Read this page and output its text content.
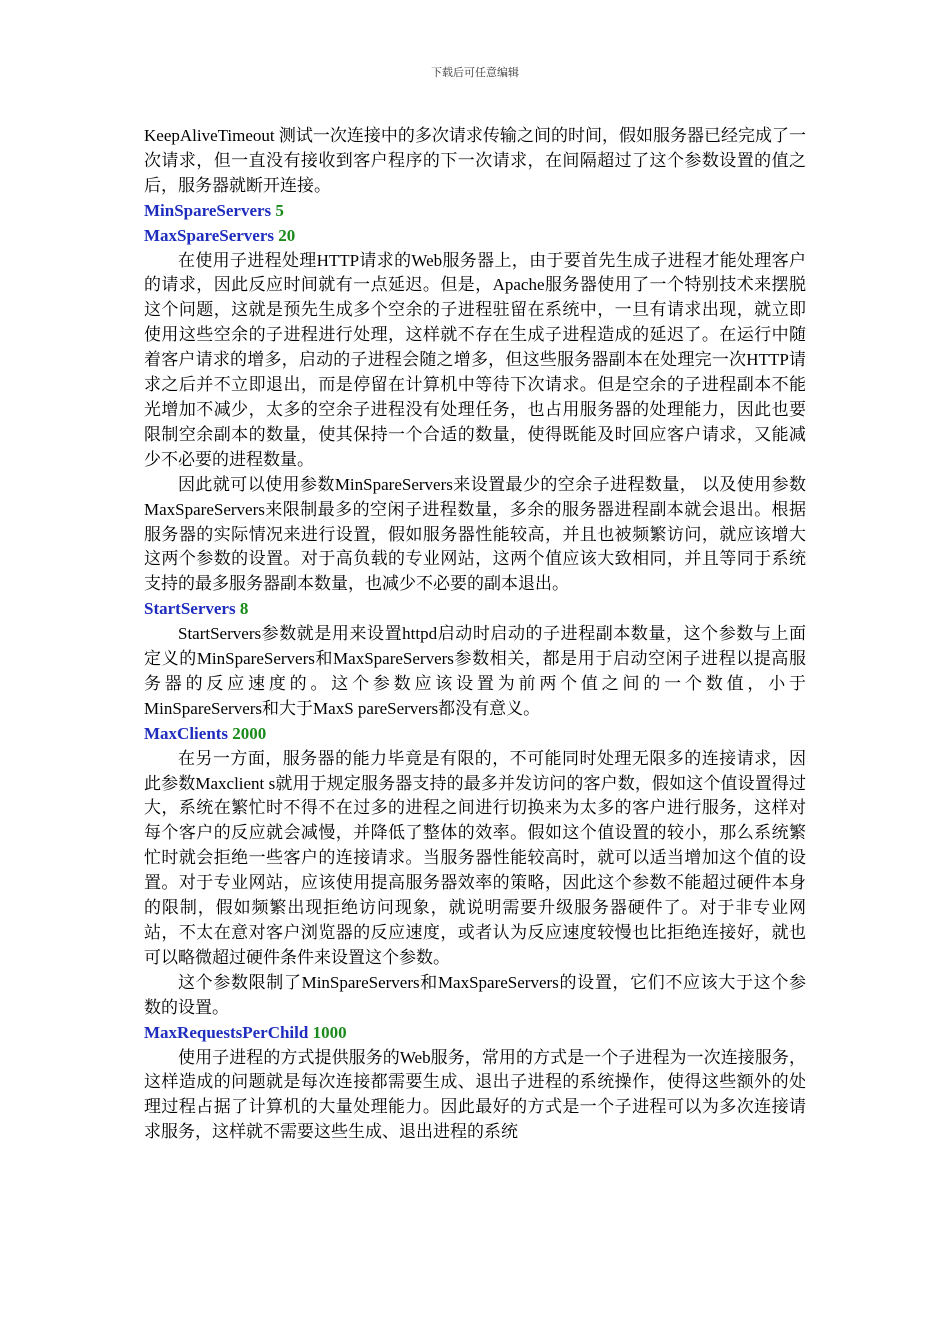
下载后可任意编辑

KeepAliveTimeout 测试一次连接中的多次请求传输之间的时间，假如服务器已经完成了一次请求，但一直没有接收到客户程序的下一次请求，在间隔超过了这个参数设置的值之后，服务器就断开连接。

MinSpareServers 5

MaxSpareServers 20

在使用子进程处理HTTP请求的Web服务器上，由于要首先生成子进程才能处理客户的请求，因此反应时间就有一点延迟。但是，Apache服务器使用了一个特别技术来摆脱这个问题，这就是预先生成多个空余的子进程驻留在系统中，一旦有请求出现，就立即使用这些空余的子进程进行处理，这样就不存在生成子进程造成的延迟了。在运行中随着客户请求的增多，启动的子进程会随之增多，但这些服务器副本在处理完一次HTTP请求之后并不立即退出，而是停留在计算机中等待下次请求。但是空余的子进程副本不能光增加不减少，太多的空余子进程没有处理任务，也占用服务器的处理能力，因此也要限制空余副本的数量，使其保持一个合适的数量，使得既能及时回应客户请求，又能减少不必要的进程数量。

因此就可以使用参数MinSpareServers来设置最少的空余子进程数量， 以及使用参数MaxSpareServers来限制最多的空闲子进程数量，多余的服务器进程副本就会退出。根据服务器的实际情况来进行设置，假如服务器性能较高，并且也被频繁访问，就应该增大这两个参数的设置。对于高负载的专业网站，这两个值应该大致相同，并且等同于系统支持的最多服务器副本数量，也减少不必要的副本退出。

StartServers 8

StartServers参数就是用来设置httpd启动时启动的子进程副本数量，这个参数与上面定义的MinSpareServers和MaxSpareServers参数相关，都是用于启动空闲子进程以提高服务器的反应速度的。这个参数应该设置为前两个值之间的一个数值，小于MinSpareServers和大于MaxS pareServers都没有意义。

MaxClients 2000

在另一方面，服务器的能力毕竟是有限的，不可能同时处理无限多的连接请求，因此参数Maxclient s就用于规定服务器支持的最多并发访问的客户数，假如这个值设置得过大，系统在繁忙时不得不在过多的进程之间进行切换来为太多的客户进行服务，这样对每个客户的反应就会减慢，并降低了整体的效率。假如这个值设置的较小，那么系统繁忙时就会拒绝一些客户的连接请求。当服务器性能较高时，就可以适当增加这个值的设置。对于专业网站，应该使用提高服务器效率的策略，因此这个参数不能超过硬件本身的限制，假如频繁出现拒绝访问现象，就说明需要升级服务器硬件了。对于非专业网站，不太在意对客户浏览器的反应速度，或者认为反应速度较慢也比拒绝连接好，就也可以略微超过硬件条件来设置这个参数。

这个参数限制了MinSpareServers和MaxSpareServers的设置，它们不应该大于这个参数的设置。

MaxRequestsPerChild 1000

使用子进程的方式提供服务的Web服务，常用的方式是一个子进程为一次连接服务，这样造成的问题就是每次连接都需要生成、退出子进程的系统操作，使得这些额外的处理过程占据了计算机的大量处理能力。因此最好的方式是一个子进程可以为多次连接请求服务，这样就不需要这些生成、退出进程的系统
